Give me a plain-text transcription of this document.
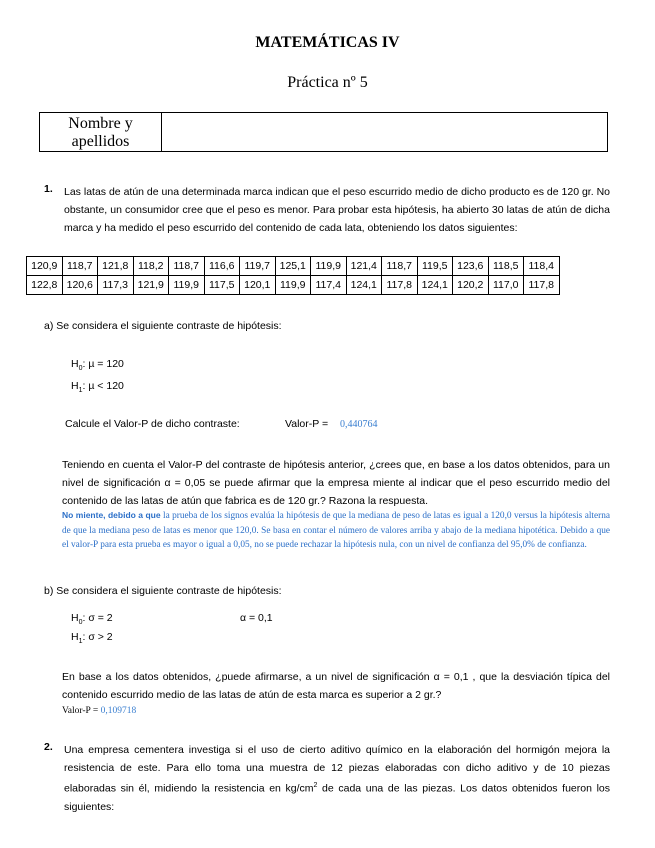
MATEMÁTICAS IV
Práctica nº 5
Nombre y apellidos
1. Las latas de atún de una determinada marca indican que el peso escurrido medio de dicho producto es de 120 gr. No obstante, un consumidor cree que el peso es menor. Para probar esta hipótesis, ha abierto 30 latas de atún de dicha marca y ha medido el peso escurrido del contenido de cada lata, obteniendo los datos siguientes:
120,9	118,7	121,8	118,2	118,7	116,6	119,7	125,1	119,9	121,4	118,7	119,5	123,6	118,5	118,4
122,8	120,6	117,3	121,9	119,9	117,5	120,1	119,9	117,4	124,1	117,8	124,1	120,2	117,0	117,8
a) Se considera el siguiente contraste de hipótesis:
$H_0$: µ = 120
$H_1$: µ < 120
Calcule el Valor-P de dicho contraste:	Valor-P = 0,440764
Teniendo en cuenta el Valor-P del contraste de hipótesis anterior, ¿crees que, en base a los datos obtenidos, para un nivel de significación α = 0,05 se puede afirmar que la empresa miente al indicar que el peso escurrido medio del contenido de las latas de atún que fabrica es de 120 gr.? Razona la respuesta.
No miente, debido a que la prueba de los signos evalúa la hipótesis de que la mediana de peso de latas es igual a 120,0 versus la hipótesis alterna de que la mediana peso de latas es menor que 120,0. Se basa en contar el número de valores arriba y abajo de la mediana hipotética. Debido a que el valor-P para esta prueba es mayor o igual a 0,05, no se puede rechazar la hipótesis nula, con un nivel de confianza del 95,0% de confianza.
b) Se considera el siguiente contraste de hipótesis:
$H_0$: σ = 2	α = 0,1
$H_1$: σ > 2
En base a los datos obtenidos, ¿puede afirmarse, a un nivel de significación α = 0,1 , que la desviación típica del contenido escurrido medio de las latas de atún de esta marca es superior a 2 gr.?
Valor-P = 0,109718
2. Una empresa cementera investiga si el uso de cierto aditivo químico en la elaboración del hormigón mejora la resistencia de este. Para ello toma una muestra de 12 piezas elaboradas con dicho aditivo y de 10 piezas elaboradas sin él, midiendo la resistencia en $kg/cm^2$ de cada una de las piezas. Los datos obtenidos fueron los siguientes:
